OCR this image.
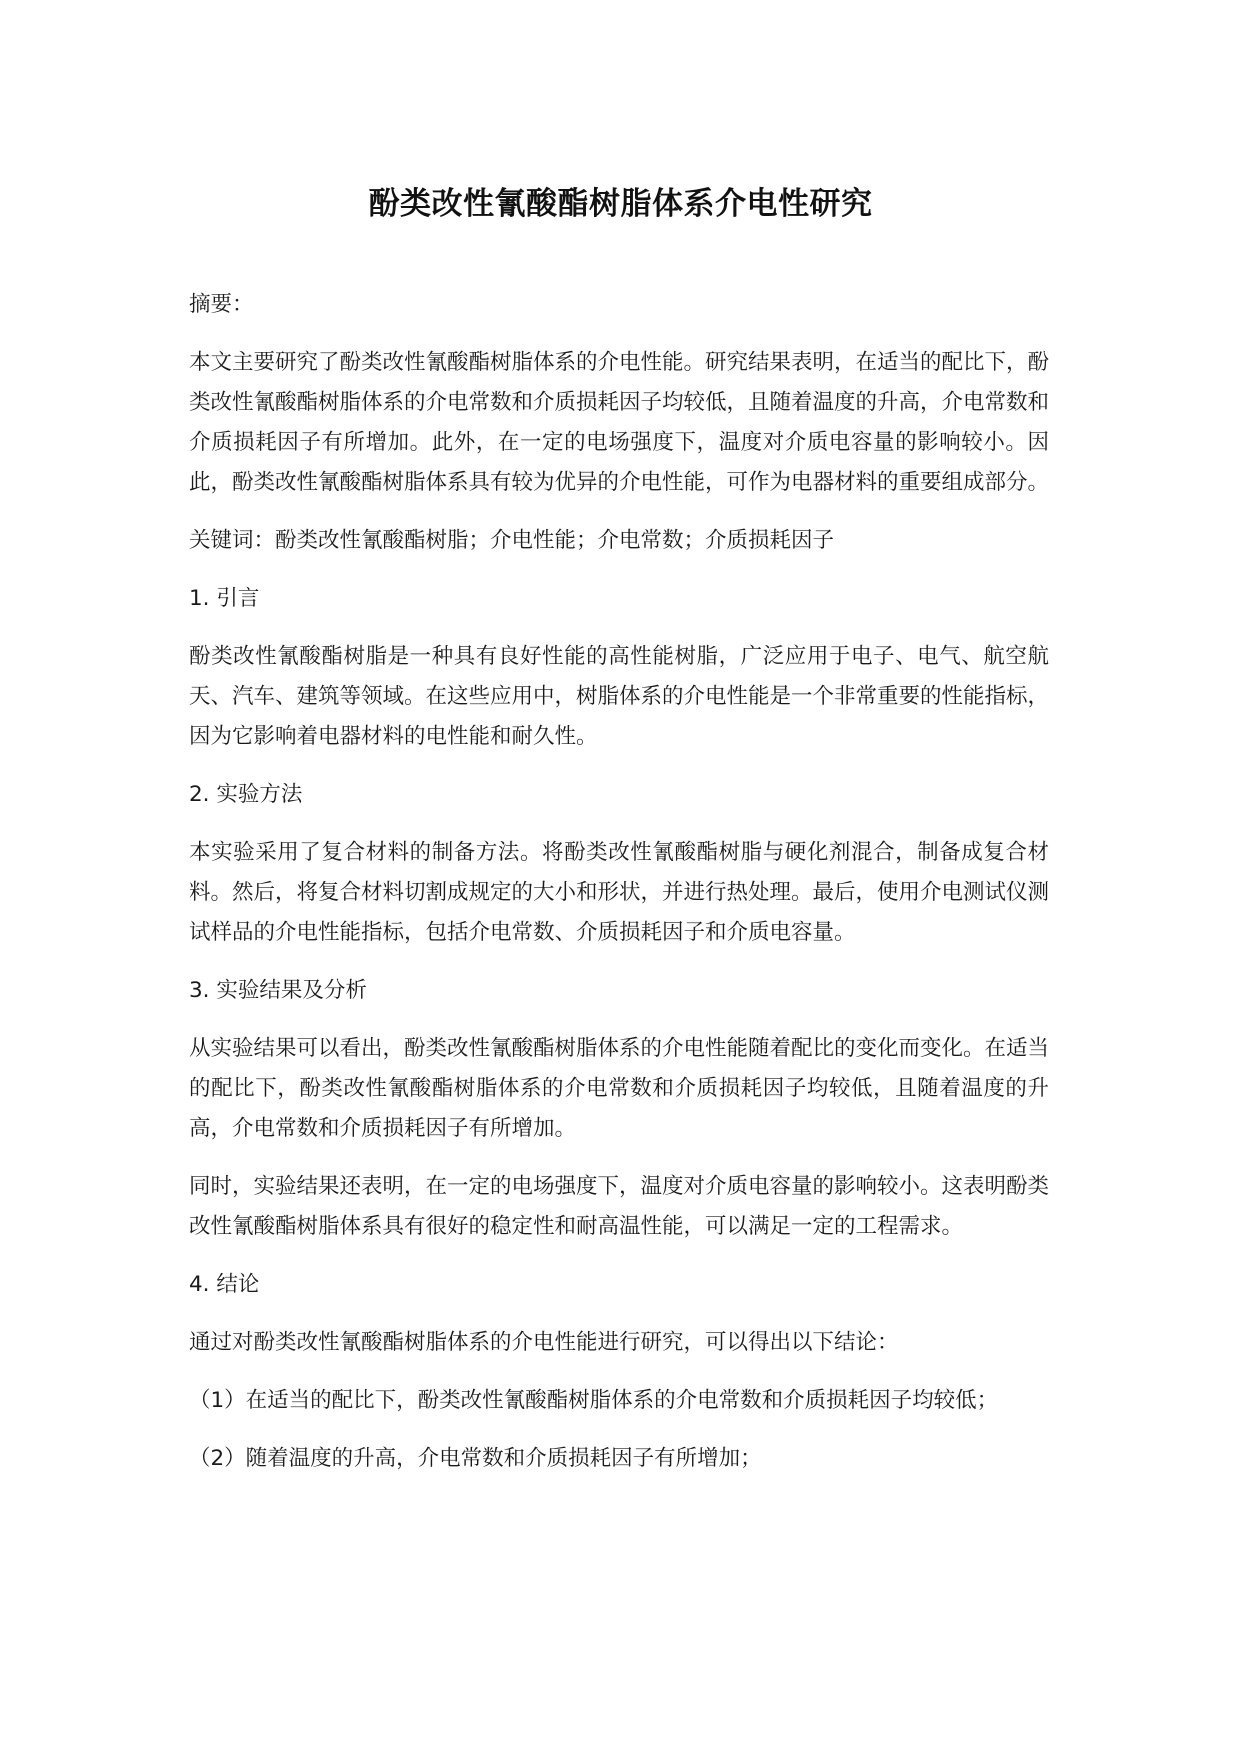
酚类改性氰酸酯树脂体系介电性研究

摘要：

本文主要研究了酚类改性氰酸酯树脂体系的介电性能。研究结果表明，在适当的配比下，酚类改性氰酸酯树脂体系的介电常数和介质损耗因子均较低，且随着温度的升高，介电常数和介质损耗因子有所增加。此外，在一定的电场强度下，温度对介质电容量的影响较小。因此，酚类改性氰酸酯树脂体系具有较为优异的介电性能，可作为电器材料的重要组成部分。

关键词：酚类改性氰酸酯树脂；介电性能；介电常数；介质损耗因子

1. 引言

酚类改性氰酸酯树脂是一种具有良好性能的高性能树脂，广泛应用于电子、电气、航空航天、汽车、建筑等领域。在这些应用中，树脂体系的介电性能是一个非常重要的性能指标，因为它影响着电器材料的电性能和耐久性。

2. 实验方法

本实验采用了复合材料的制备方法。将酚类改性氰酸酯树脂与硬化剂混合，制备成复合材料。然后，将复合材料切割成规定的大小和形状，并进行热处理。最后，使用介电测试仪测试样品的介电性能指标，包括介电常数、介质损耗因子和介质电容量。

3. 实验结果及分析

从实验结果可以看出，酚类改性氰酸酯树脂体系的介电性能随着配比的变化而变化。在适当的配比下，酚类改性氰酸酯树脂体系的介电常数和介质损耗因子均较低，且随着温度的升高，介电常数和介质损耗因子有所增加。

同时，实验结果还表明，在一定的电场强度下，温度对介质电容量的影响较小。这表明酚类改性氰酸酯树脂体系具有很好的稳定性和耐高温性能，可以满足一定的工程需求。

4. 结论

通过对酚类改性氰酸酯树脂体系的介电性能进行研究，可以得出以下结论：

（1）在适当的配比下，酚类改性氰酸酯树脂体系的介电常数和介质损耗因子均较低；

（2）随着温度的升高，介电常数和介质损耗因子有所增加；
